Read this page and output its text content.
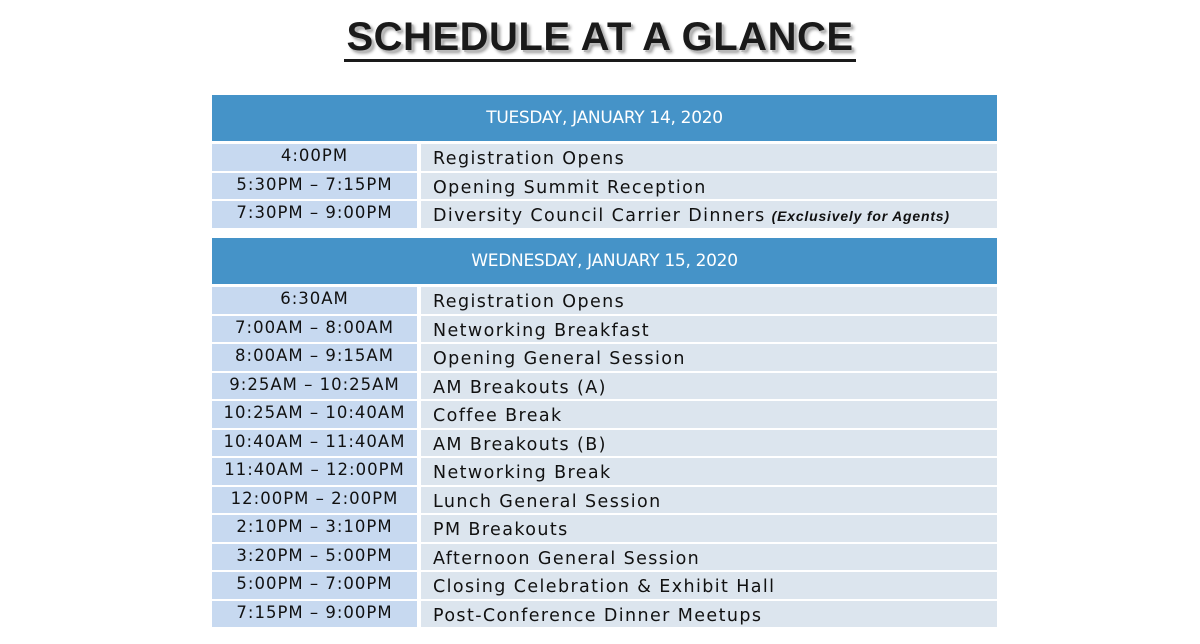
SCHEDULE AT A GLANCE
TUESDAY, JANUARY 14, 2020
4:00PM	Registration Opens
5:30PM – 7:15PM	Opening Summit Reception
7:30PM – 9:00PM	Diversity Council Carrier Dinners (Exclusively for Agents)
WEDNESDAY, JANUARY 15, 2020
6:30AM	Registration Opens
7:00AM – 8:00AM	Networking Breakfast
8:00AM – 9:15AM	Opening General Session
9:25AM – 10:25AM	AM Breakouts (A)
10:25AM – 10:40AM	Coffee Break
10:40AM – 11:40AM	AM Breakouts (B)
11:40AM – 12:00PM	Networking Break
12:00PM – 2:00PM	Lunch General Session
2:10PM – 3:10PM	PM Breakouts
3:20PM – 5:00PM	Afternoon General Session
5:00PM – 7:00PM	Closing Celebration & Exhibit Hall
7:15PM – 9:00PM	Post-Conference Dinner Meetups
